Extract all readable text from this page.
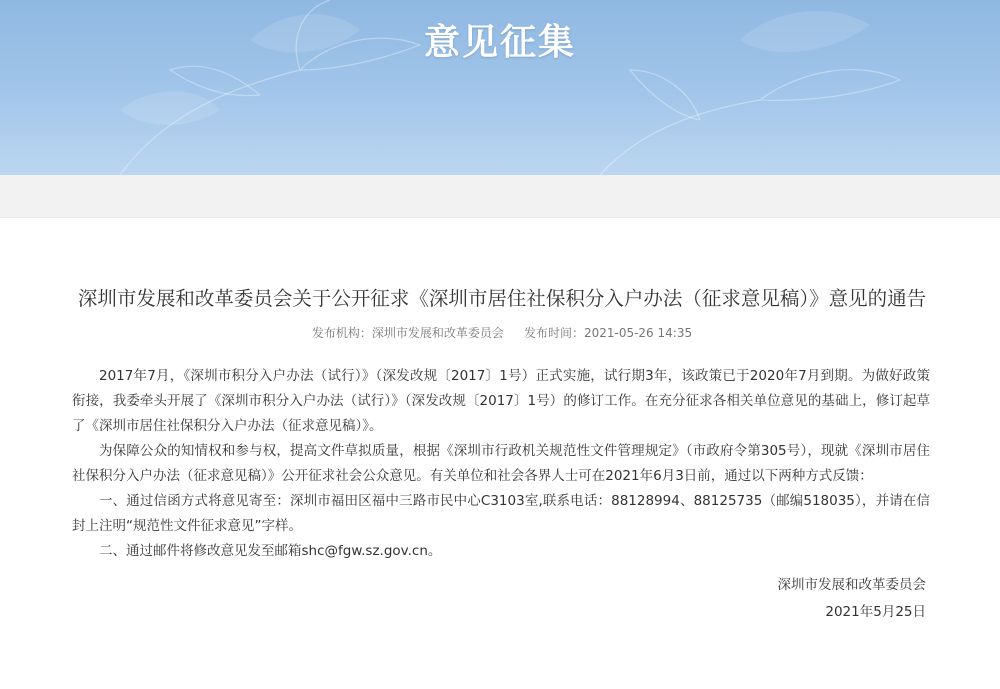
意见征集
深圳市发展和改革委员会关于公开征求《深圳市居住社保积分入户办法（征求意见稿）》意见的通告
发布机构：深圳市发展和改革委员会 发布时间：2021-05-26 14:35

2017年7月，《深圳市积分入户办法（试行）》（深发改规〔2017〕1号）正式实施，试行期3年，该政策已于2020年7月到期。为做好政策衔接，我委牵头开展了《深圳市积分入户办法（试行）》（深发改规〔2017〕1号）的修订工作。在充分征求各相关单位意见的基础上，修订起草了《深圳市居住社保积分入户办法（征求意见稿）》。

为保障公众的知情权和参与权，提高文件草拟质量，根据《深圳市行政机关规范性文件管理规定》（市政府令第305号），现就《深圳市居住社保积分入户办法（征求意见稿）》公开征求社会公众意见。有关单位和社会各界人士可在2021年6月3日前，通过以下两种方式反馈：

一、通过信函方式将意见寄至：深圳市福田区福中三路市民中心C3103室,联系电话：88128994、88125735（邮编518035），并请在信封上注明“规范性文件征求意见”字样。

二、通过邮件将修改意见发至邮箱shc@fgw.sz.gov.cn。

深圳市发展和改革委员会
2021年5月25日
